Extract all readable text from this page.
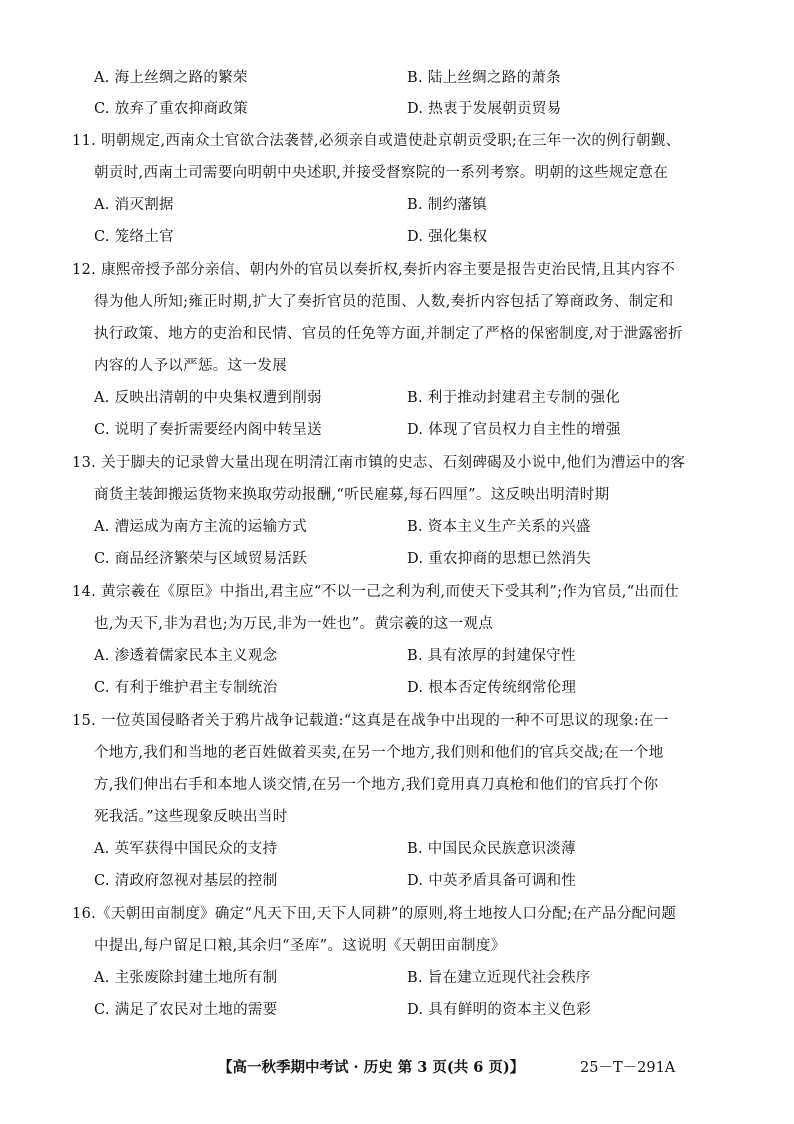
A. 海上丝绸之路的繁荣	B. 陆上丝绸之路的萧条
C. 放弃了重农抑商政策	D. 热衷于发展朝贡贸易
11. 明朝规定,西南众土官欲合法袭替,必须亲自或遣使赴京朝贡受职;在三年一次的例行朝觐、
朝贡时,西南土司需要向明朝中央述职,并接受督察院的一系列考察。明朝的这些规定意在
A. 消灭割据	B. 制约藩镇
C. 笼络土官	D. 强化集权
12. 康熙帝授予部分亲信、朝内外的官员以奏折权,奏折内容主要是报告吏治民情,且其内容不
得为他人所知;雍正时期,扩大了奏折官员的范围、人数,奏折内容包括了筹商政务、制定和
执行政策、地方的吏治和民情、官员的任免等方面,并制定了严格的保密制度,对于泄露密折
内容的人予以严惩。这一发展
A. 反映出清朝的中央集权遭到削弱	B. 利于推动封建君主专制的强化
C. 说明了奏折需要经内阁中转呈送	D. 体现了官员权力自主性的增强
13. 关于脚夫的记录曾大量出现在明清江南市镇的史志、石刻碑碣及小说中,他们为漕运中的客
商货主装卸搬运货物来换取劳动报酬,“听民雇募,每石四厘”。这反映出明清时期
A. 漕运成为南方主流的运输方式	B. 资本主义生产关系的兴盛
C. 商品经济繁荣与区域贸易活跃	D. 重农抑商的思想已然消失
14. 黄宗羲在《原臣》中指出,君主应“不以一己之利为利,而使天下受其利”;作为官员,“出而仕
也,为天下,非为君也;为万民,非为一姓也”。黄宗羲的这一观点
A. 渗透着儒家民本主义观念	B. 具有浓厚的封建保守性
C. 有利于维护君主专制统治	D. 根本否定传统纲常伦理
15. 一位英国侵略者关于鸦片战争记载道:“这真是在战争中出现的一种不可思议的现象:在一
个地方,我们和当地的老百姓做着买卖,在另一个地方,我们则和他们的官兵交战;在一个地
方,我们伸出右手和本地人谈交情,在另一个地方,我们竟用真刀真枪和他们的官兵打个你
死我活。”这些现象反映出当时
A. 英军获得中国民众的支持	B. 中国民众民族意识淡薄
C. 清政府忽视对基层的控制	D. 中英矛盾具备可调和性
16.《天朝田亩制度》确定“凡天下田,天下人同耕”的原则,将土地按人口分配;在产品分配问题
中提出,每户留足口粮,其余归“圣库”。这说明《天朝田亩制度》
A. 主张废除封建土地所有制	B. 旨在建立近现代社会秩序
C. 满足了农民对土地的需要	D. 具有鲜明的资本主义色彩
【高一秋季期中考试 · 历史 第 3 页(共 6 页)】	25－T－291A
